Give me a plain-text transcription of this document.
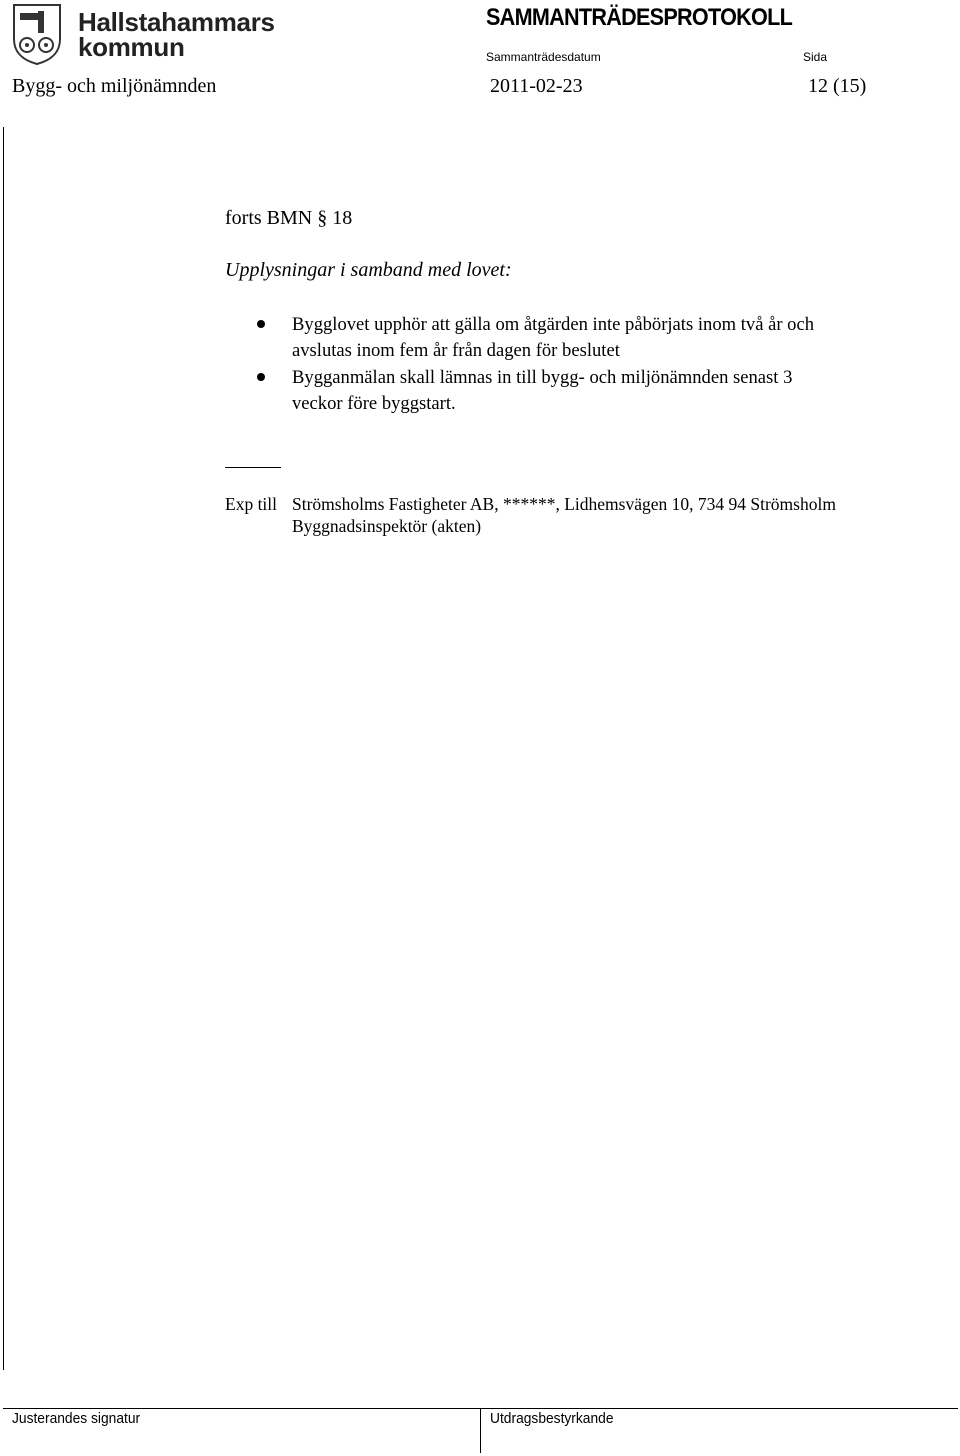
Hallstahammars
kommun
SAMMANTRÄDESPROTOKOLL
Sammanträdesdatum	Sida
Bygg- och miljönämnden	2011-02-23	12 (15)
forts BMN § 18
Upplysningar i samband med lovet:
Bygglovet upphör att gälla om åtgärden inte påbörjats inom två år och
avslutas inom fem år från dagen för beslutet
Bygganmälan skall lämnas in till bygg- och miljönämnden senast 3
veckor före byggstart.
Exp till Strömsholms Fastigheter AB, ******, Lidhemsvägen 10, 734 94 Strömsholm
Byggnadsinspektör (akten)
Justerandes signatur	Utdragsbestyrkande
